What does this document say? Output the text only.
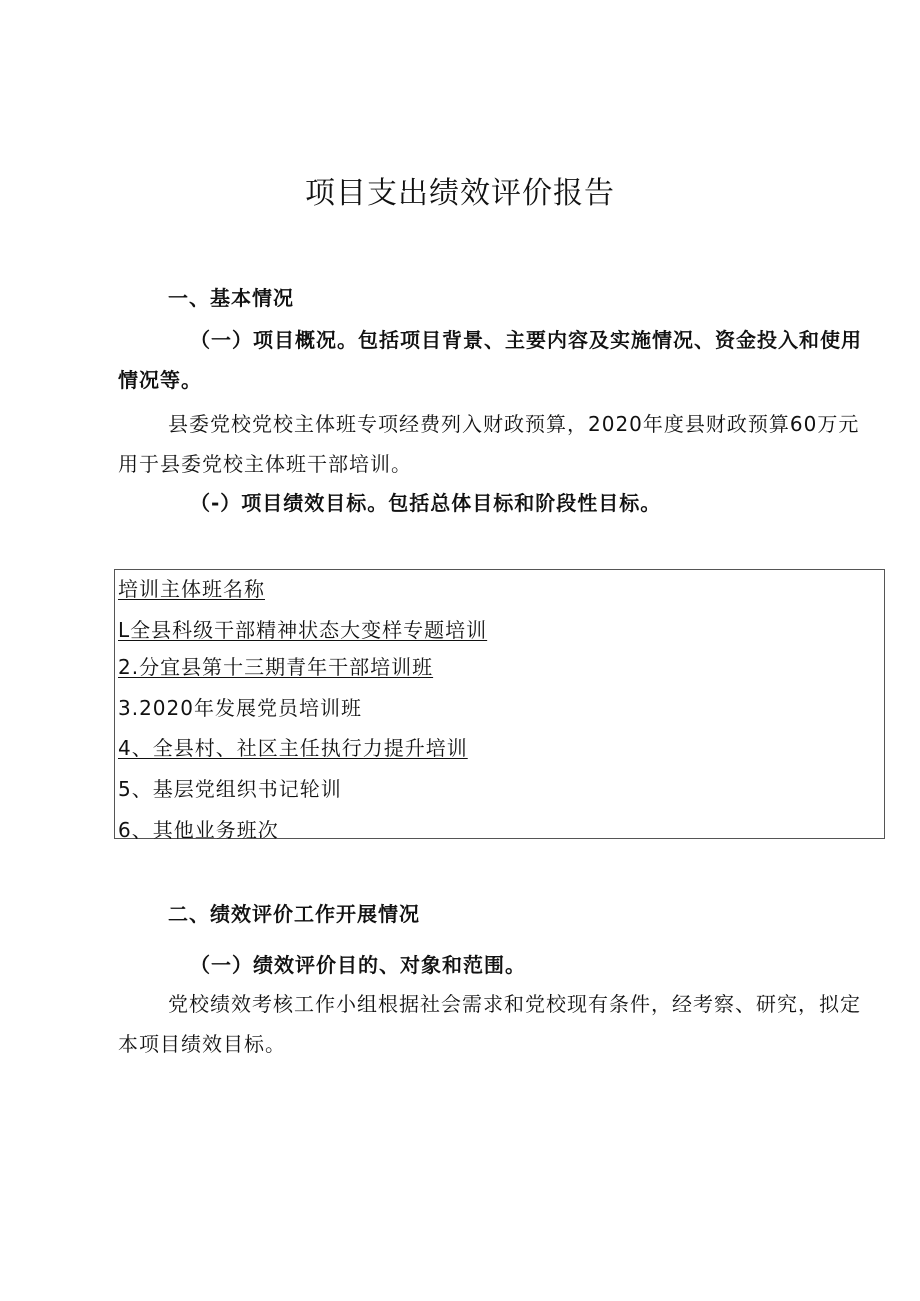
项目支出绩效评价报告
一、基本情况

（一）项目概况。包括项目背景、主要内容及实施情况、资金投入和使用情况等。

县委党校党校主体班专项经费列入财政预算，2020年度县财政预算60万元用于县委党校主体班干部培训。

（-）项目绩效目标。包括总体目标和阶段性目标。
培训主体班名称
L全县科级干部精神状态大变样专题培训
2.分宜县第十三期青年干部培训班
3.2020年发展党员培训班
4、全县村、社区主任执行力提升培训
5、基层党组织书记轮训
6、其他业务班次
二、绩效评价工作开展情况
（一）绩效评价目的、对象和范围。

党校绩效考核工作小组根据社会需求和党校现有条件，经考察、研究，拟定本项目绩效目标。
